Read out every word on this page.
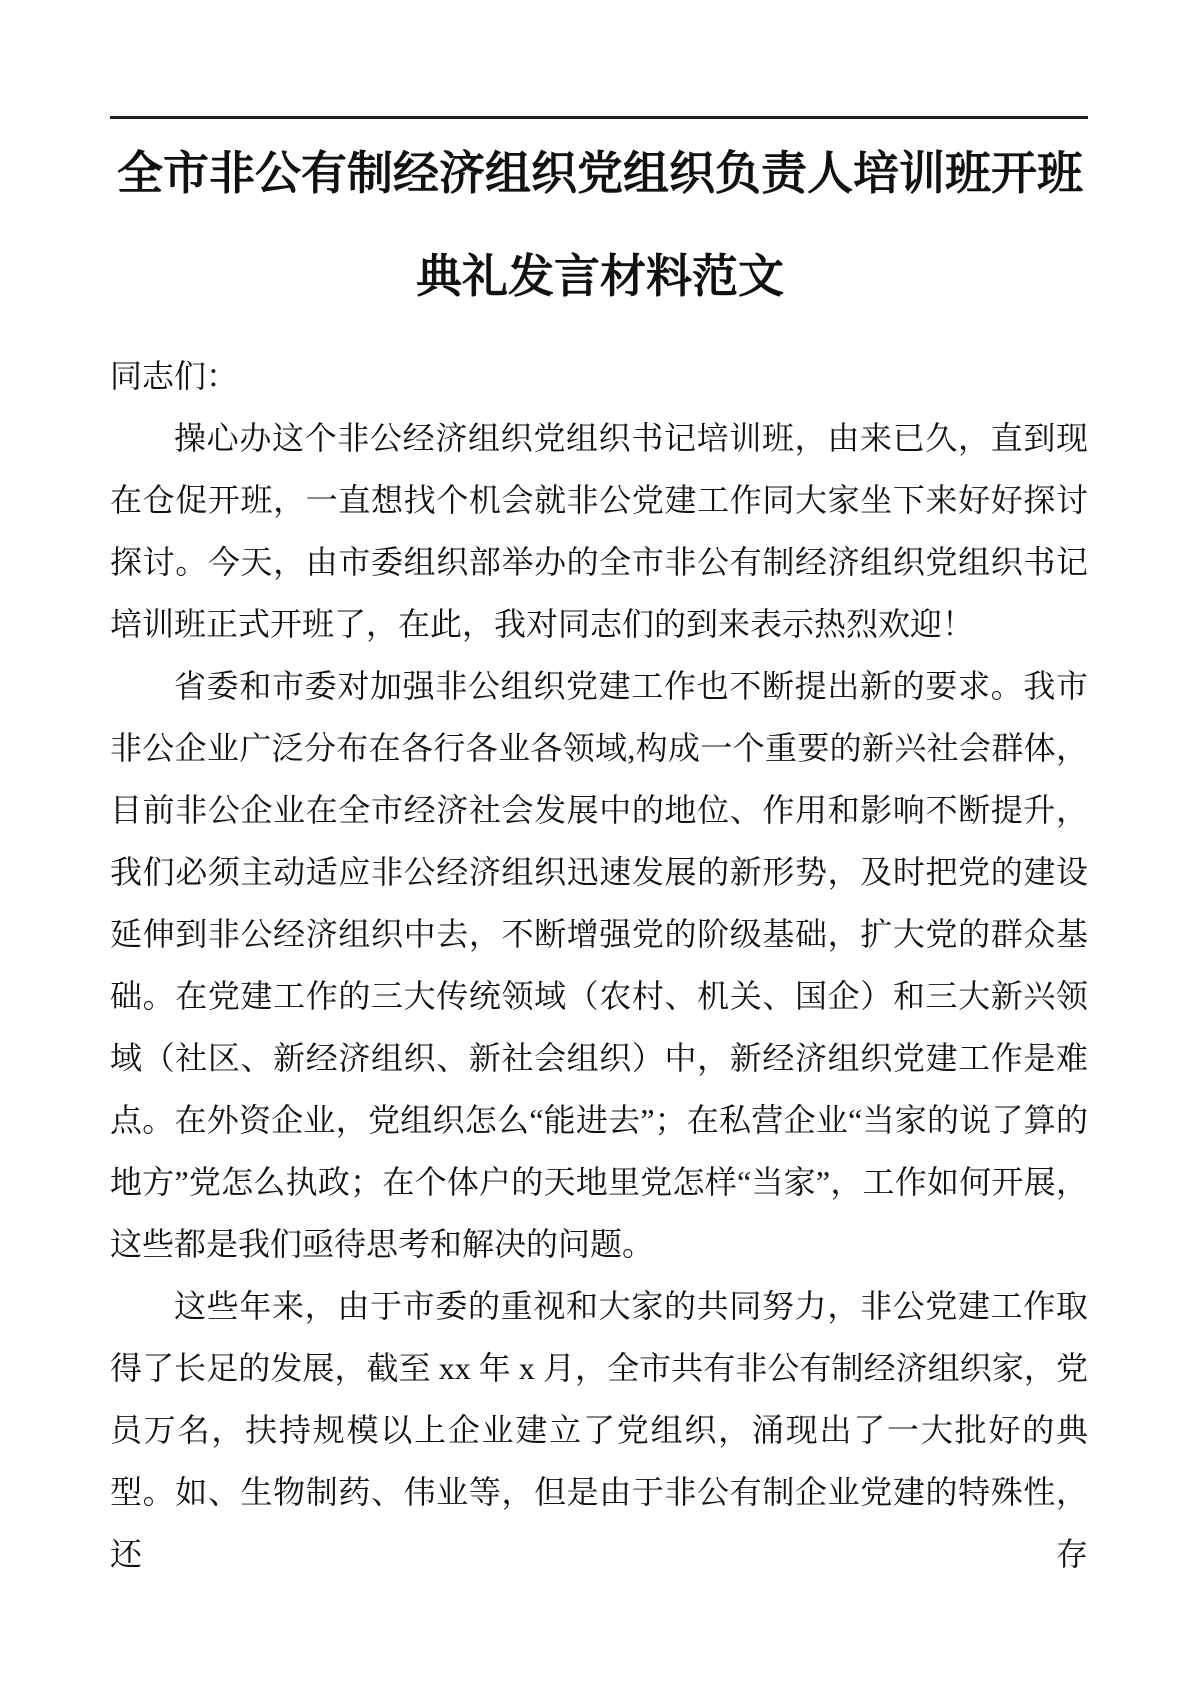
全市非公有制经济组织党组织负责人培训班开班
典礼发言材料范文

同志们：

操心办这个非公经济组织党组织书记培训班，由来已久，直到现在仓促开班，一直想找个机会就非公党建工作同大家坐下来好好探讨探讨。今天，由市委组织部举办的全市非公有制经济组织党组织书记培训班正式开班了，在此，我对同志们的到来表示热烈欢迎！

省委和市委对加强非公组织党建工作也不断提出新的要求。我市非公企业广泛分布在各行各业各领域,构成一个重要的新兴社会群体，目前非公企业在全市经济社会发展中的地位、作用和影响不断提升，我们必须主动适应非公经济组织迅速发展的新形势，及时把党的建设延伸到非公经济组织中去，不断增强党的阶级基础，扩大党的群众基础。在党建工作的三大传统领域（农村、机关、国企）和三大新兴领域（社区、新经济组织、新社会组织）中，新经济组织党建工作是难点。在外资企业，党组织怎么“能进去”；在私营企业“当家的说了算的地方”党怎么执政；在个体户的天地里党怎样“当家”，工作如何开展，这些都是我们亟待思考和解决的问题。

这些年来，由于市委的重视和大家的共同努力，非公党建工作取得了长足的发展，截至 xx 年 x 月，全市共有非公有制经济组织家，党员万名，扶持规模以上企业建立了党组织，涌现出了一大批好的典型。如、生物制药、伟业等，但是由于非公有制企业党建的特殊性，还存
